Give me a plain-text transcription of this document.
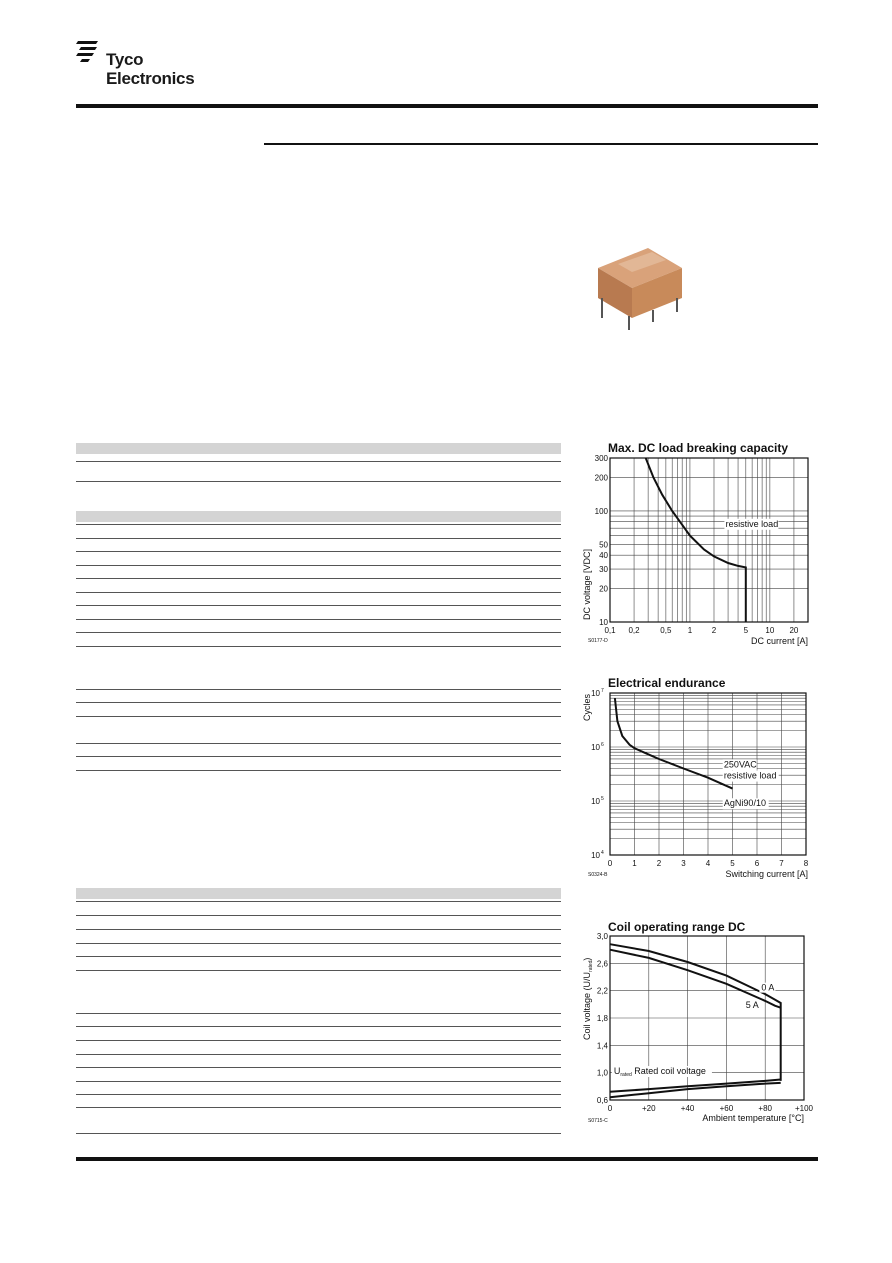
Tyco
Electronics
Max. DC load breaking capacity
0,1 0,2	0,5 1 2	5 10 20
300
200
100
50
40
30
20
10
resistive load
DC current [A]
DC voltage [VDC]
S0177-D
Electrical endurance
0	1	2	3	4	5	6	7	8
10 7
10 6
10 5
10 4
250VAC
resistive load
AgNi90/10
Switching current [A]
Cycles
S0324-B
Coil operating range DC
0	+20	+40	+60	+80	+100
3,0
2,6
2,2
1,8
1,4
1,0
0,6
0 A
5 A
$U_{rated}$ Rated coil voltage
Ambient temperature [°C]
Coil voltage $(U/U_{rated})$
S0715-C
